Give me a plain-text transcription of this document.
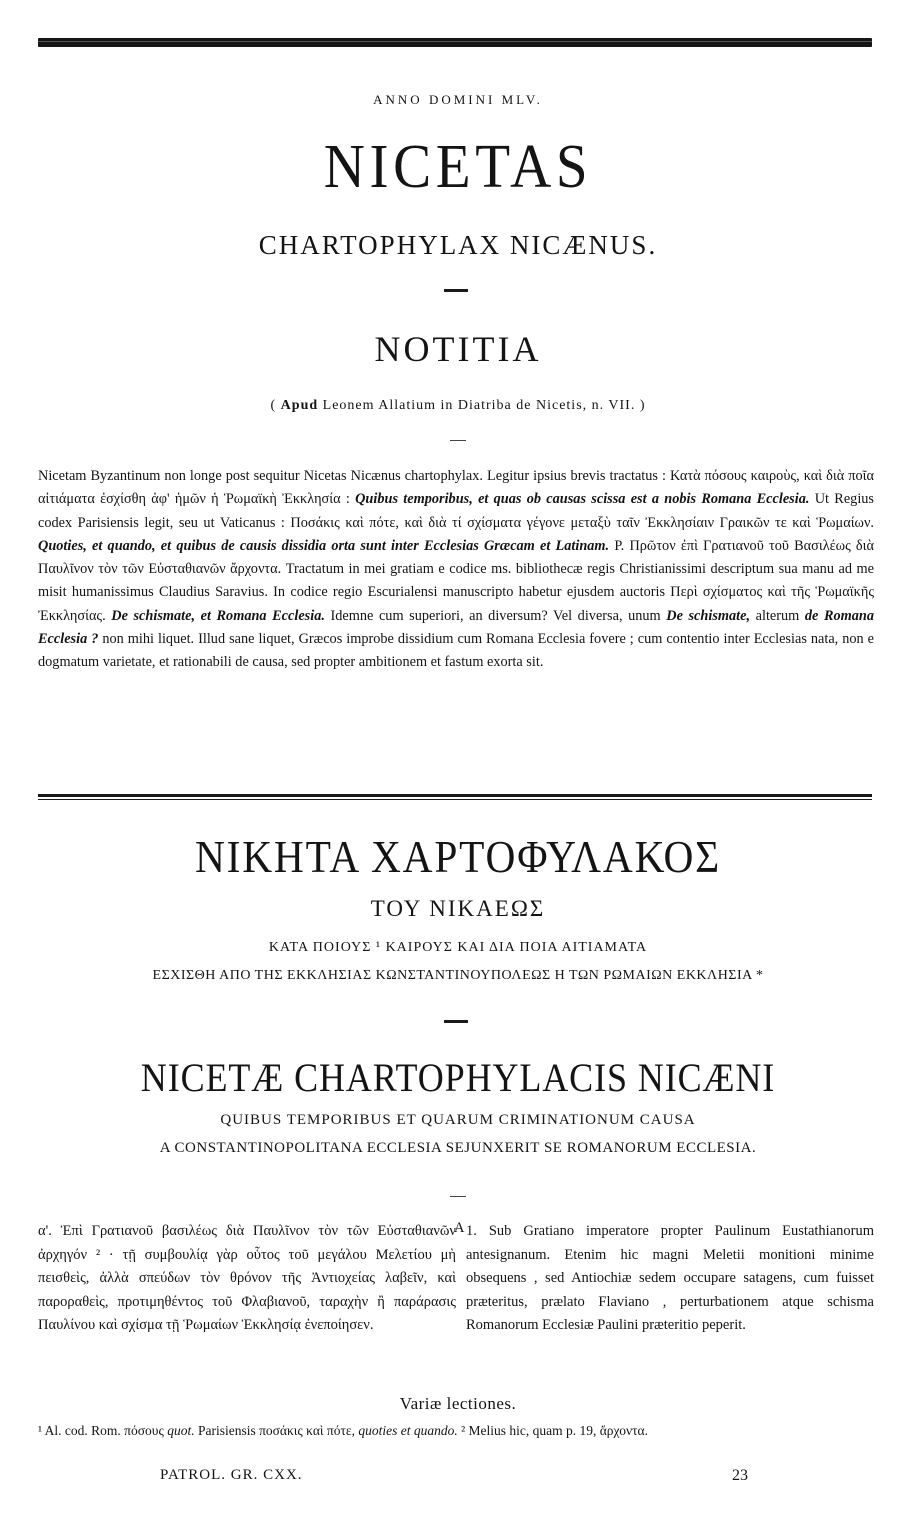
ANNO DOMINI MLV.
NICETAS
CHARTOPHYLAX NICÆNUS.
NOTITIA
( Apud Leonem Allatium in Diatriba de Nicetis, n. VII. )
Nicetam Byzantinum non longe post sequitur Nicetas Nicænus chartophylax. Legitur ipsius brevis tractatus : Κατὰ πόσους καιροὺς, καὶ διὰ ποῖα αἰτιάματα ἐσχίσθη ἀφ' ἡμῶν ἡ Ῥωμαϊκὴ Ἐκκλησία : Quibus temporibus, et quas ob causas scissa est a nobis Romana Ecclesia. Ut Regius codex Parisiensis legit, seu ut Vaticanus : Ποσάκις καὶ πότε, καὶ διὰ τί σχίσματα γέγονε μεταξὺ ταῖν Ἐκκλησίαιν Γραικῶν τε καὶ Ῥωμαίων. Quoties, et quando, et quibus de causis dissidia orta sunt inter Ecclesias Græcam et Latinam. P. Πρῶτον ἐπὶ Γρατιανοῦ τοῦ Βασιλέως διὰ Παυλῖνον τὸν τῶν Εὐσταθιανῶν ἄρχοντα. Tractatum in mei gratiam e codice ms. bibliothecæ regis Christianissimi descriptum sua manu ad me misit humanissimus Claudius Saravius. In codice regio Escurialensi manuscripto habetur ejusdem auctoris Περὶ σχίσματος καὶ τῆς Ῥωμαϊκῆς Ἐκκλησίας. De schismate, et Romana Ecclesia. Idemne cum superiori, an diversum? Vel diversa, unum De schismate, alterum de Romana Ecclesia ? non mihi liquet. Illud sane liquet, Græcos improbe dissidium cum Romana Ecclesia fovere ; cum contentio inter Ecclesias nata, non e dogmatum varietate, et rationabili de causa, sed propter ambitionem et fastum exorta sit.
ΝΙΚΗΤΑ ΧΑΡΤΟΦΥΛΑΚΟΣ
ΤΟΥ ΝΙΚΑΕΩΣ
ΚΑΤΑ ΠΟΙΟΥΣ ¹ ΚΑΙΡΟΥΣ ΚΑΙ ΔΙΑ ΠΟΙΑ ΑΙΤΙΑΜΑΤΑ
ΕΣΧΙΣΘΗ ΑΠΟ ΤΗΣ ΕΚΚΛΗΣΙΑΣ ΚΩΝΣΤΑΝΤΙΝΟΥΠΟΛΕΩΣ Η ΤΩΝ ΡΩΜΑΙΩΝ ΕΚΚΛΗΣΙΑ *
NICETÆ CHARTOPHYLACIS NICÆNI
QUIBUS TEMPORIBUS ET QUARUM CRIMINATIONUM CAUSA
A CONSTANTINOPOLITANA ECCLESIA SEJUNXERIT SE ROMANORUM ECCLESIA.
α'. Ἐπὶ Γρατιανοῦ βασιλέως διὰ Παυλῖνον τὸν τῶν Εὐσταθιανῶν ἀρχηγόν ² · τῇ συμβουλίᾳ γὰρ οὗτος τοῦ μεγάλου Μελετίου μὴ πεισθεὶς, ἀλλὰ σπεύδων τὸν θρόνον τῆς Ἀντιοχείας λαβεῖν, καὶ παροραθεὶς, προτιμηθέντος τοῦ Φλαβιανοῦ, ταραχὴν ἢ παράρασις Παυλίνου καὶ σχίσμα τῇ Ῥωμαίων Ἐκκλησίᾳ ἐνεποίησεν.
A 1. Sub Gratiano imperatore propter Paulinum Eustathianorum antesignanum. Etenim hic magni Meletii monitioni minime obsequens , sed Antiochiæ sedem occupare satagens, cum fuisset præteritus, prælato Flaviano , perturbationem atque schisma Romanorum Ecclesiæ Paulini præteritio peperit.
Variæ lectiones.
¹ Al. cod. Rom. πόσους quot. Parisiensis ποσάκις καὶ πότε, quoties et quando. ² Melius hic, quam p. 19, ἄρχοντα.
PATROL. GR. CXX.	23
